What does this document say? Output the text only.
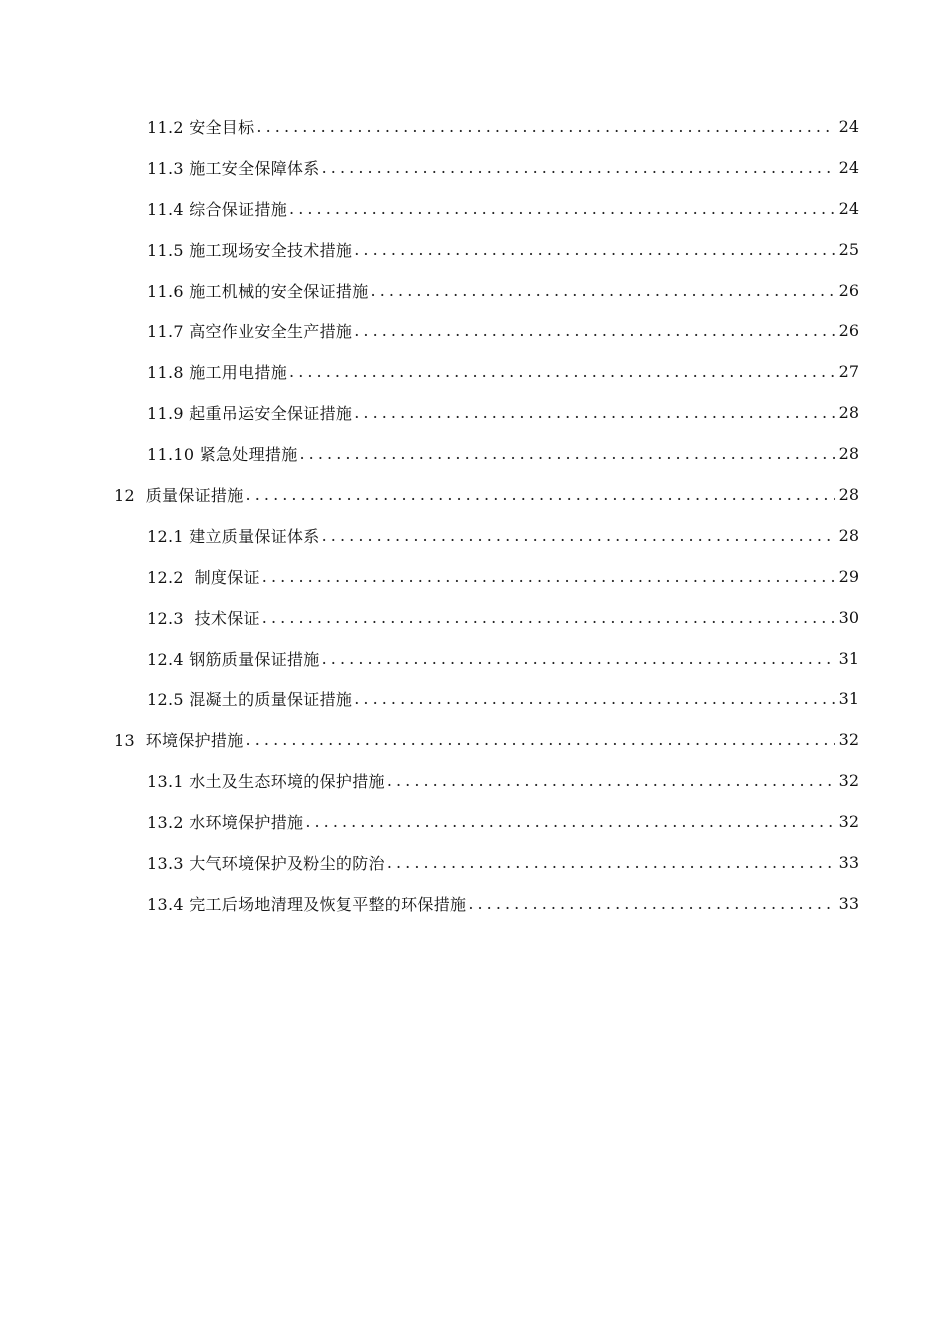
11.2 安全目标 . . .	24
11.3 施工安全保障体系 . . .	24
11.4 综合保证措施 . . .	24
11.5 施工现场安全技术措施 . . .	25
11.6 施工机械的安全保证措施 . . .	26
11.7 高空作业安全生产措施 . . .	26
11.8 施工用电措施 . . .	27
11.9 起重吊运安全保证措施 . . .	28
11.10 紧急处理措施 . . .	28
12  质量保证措施 . . .	28
12.1 建立质量保证体系 . . .	28
12.2  制度保证 . . .	29
12.3  技术保证 . . .	30
12.4 钢筋质量保证措施 . . .	31
12.5 混凝土的质量保证措施 . . .	31
13  环境保护措施 . . .	32
13.1 水土及生态环境的保护措施 . . .	32
13.2 水环境保护措施 . . .	32
13.3 大气环境保护及粉尘的防治 . . .	33
13.4 完工后场地清理及恢复平整的环保措施 . . .	33
